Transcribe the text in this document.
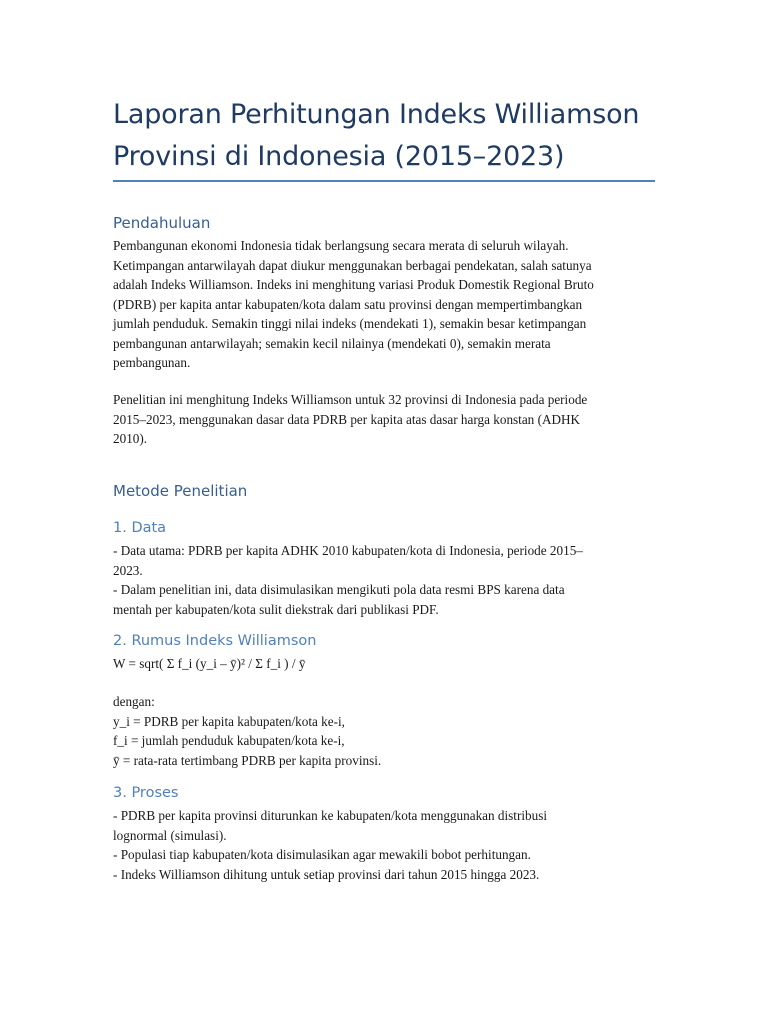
Laporan Perhitungan Indeks Williamson
Provinsi di Indonesia (2015–2023)
Pendahuluan
Pembangunan ekonomi Indonesia tidak berlangsung secara merata di seluruh wilayah.
Ketimpangan antarwilayah dapat diukur menggunakan berbagai pendekatan, salah satunya
adalah Indeks Williamson. Indeks ini menghitung variasi Produk Domestik Regional Bruto
(PDRB) per kapita antar kabupaten/kota dalam satu provinsi dengan mempertimbangkan
jumlah penduduk. Semakin tinggi nilai indeks (mendekati 1), semakin besar ketimpangan
pembangunan antarwilayah; semakin kecil nilainya (mendekati 0), semakin merata
pembangunan.
Penelitian ini menghitung Indeks Williamson untuk 32 provinsi di Indonesia pada periode
2015–2023, menggunakan dasar data PDRB per kapita atas dasar harga konstan (ADHK
2010).
Metode Penelitian
1. Data
- Data utama: PDRB per kapita ADHK 2010 kabupaten/kota di Indonesia, periode 2015–
2023.
- Dalam penelitian ini, data disimulasikan mengikuti pola data resmi BPS karena data
mentah per kabupaten/kota sulit diekstrak dari publikasi PDF.
2. Rumus Indeks Williamson
W = sqrt( Σ f_i (y_i – ȳ)² / Σ f_i ) / ȳ
dengan:
y_i = PDRB per kapita kabupaten/kota ke-i,
f_i = jumlah penduduk kabupaten/kota ke-i,
ȳ = rata-rata tertimbang PDRB per kapita provinsi.
3. Proses
- PDRB per kapita provinsi diturunkan ke kabupaten/kota menggunakan distribusi
lognormal (simulasi).
- Populasi tiap kabupaten/kota disimulasikan agar mewakili bobot perhitungan.
- Indeks Williamson dihitung untuk setiap provinsi dari tahun 2015 hingga 2023.
